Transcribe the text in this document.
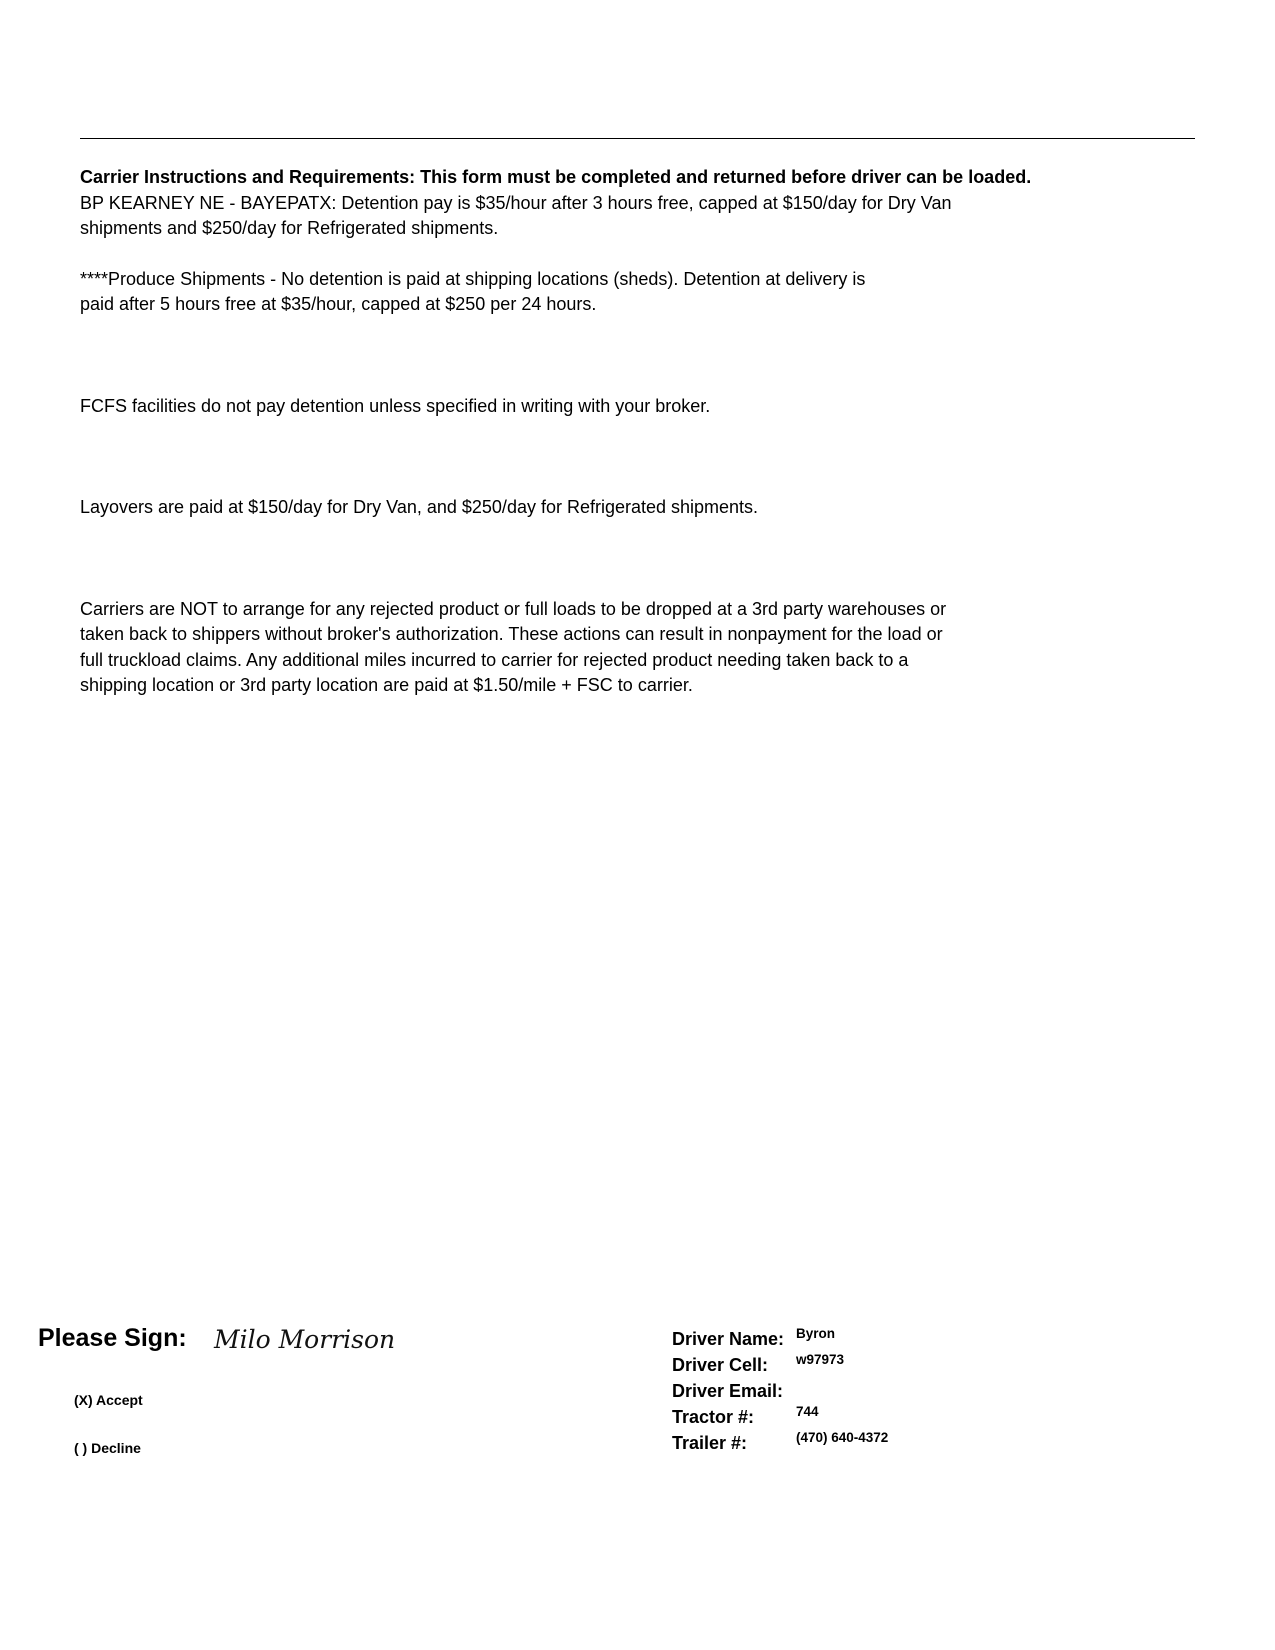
Carrier Instructions and Requirements: This form must be completed and returned before driver can be loaded.

BP KEARNEY NE - BAYEPATX: Detention pay is $35/hour after 3 hours free, capped at $150/day for Dry Van
shipments and $250/day for Refrigerated shipments.

****Produce Shipments - No detention is paid at shipping locations (sheds). Detention at delivery is
paid after 5 hours free at $35/hour, capped at $250 per 24 hours.

FCFS facilities do not pay detention unless specified in writing with your broker.

Layovers are paid at $150/day for Dry Van, and $250/day for Refrigerated shipments.

Carriers are NOT to arrange for any rejected product or full loads to be dropped at a 3rd party warehouses or
taken back to shippers without broker's authorization. These actions can result in nonpayment for the load or
full truckload claims. Any additional miles incurred to carrier for rejected product needing taken back to a
shipping location or 3rd party location are paid at $1.50/mile + FSC to carrier.

Please Sign: Milo Morrison
(X) Accept
( ) Decline
Driver Name: Byron
Driver Cell: w97973
Driver Email:
Tractor #:	744
Trailer #:	(470) 640-4372
